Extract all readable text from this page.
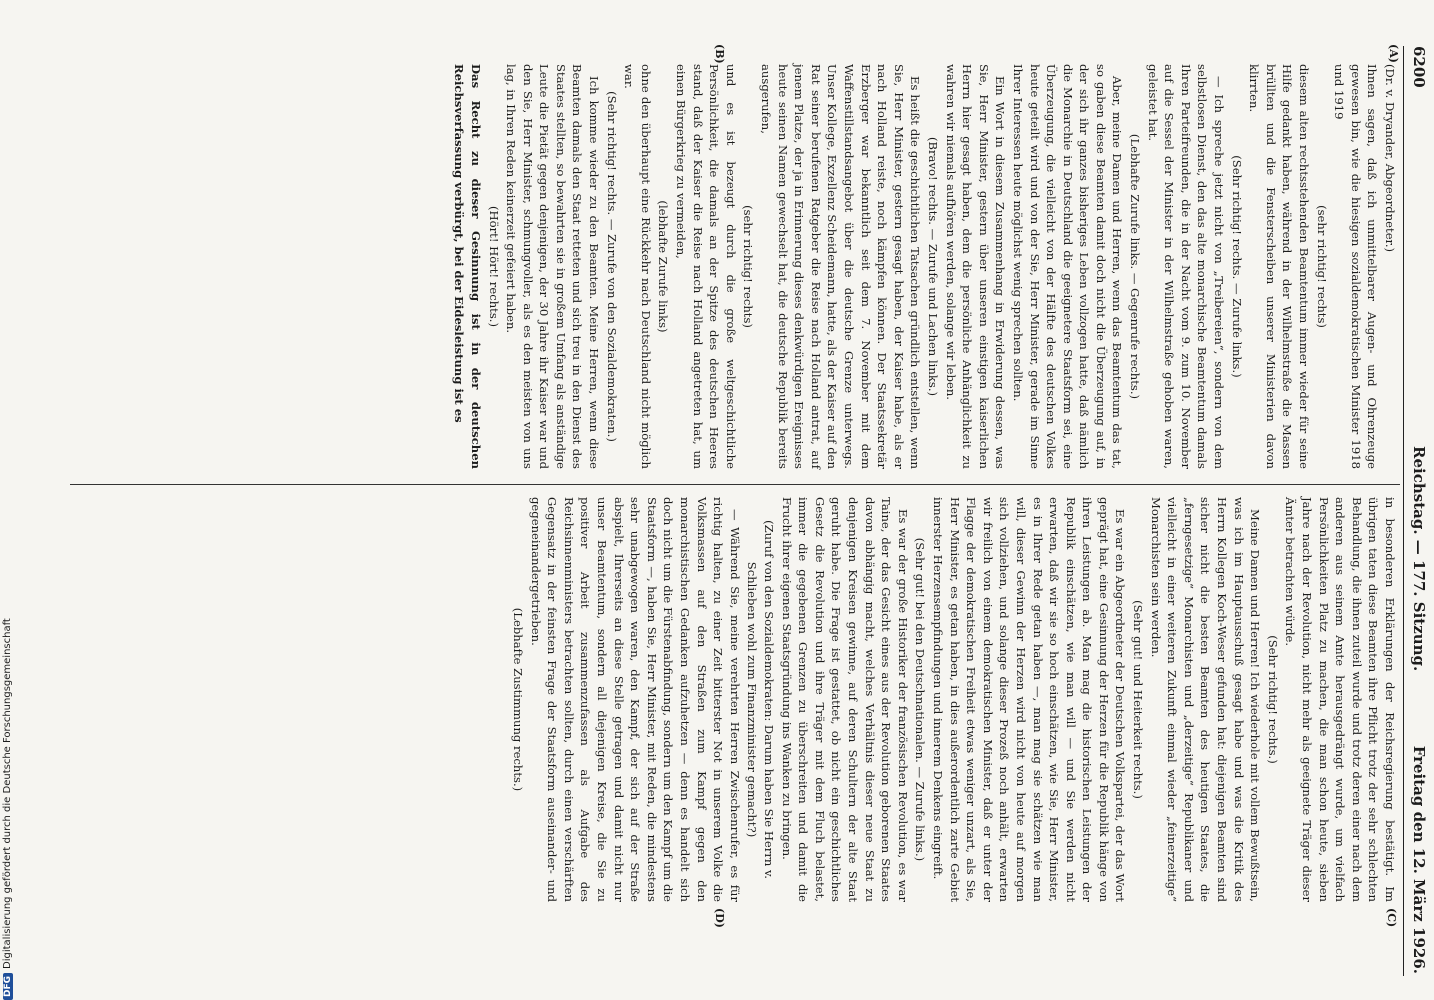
6200
Reichstag. — 177. Sitzung.
Freitag den 12. März 1926.
(A)
(B)
(C)
(D)

(Dr. v. Dryander, Abgeordneter.)

Ihnen sagen, daß ich unmittelbarer Augen- und Ohrenzeuge gewesen bin, wie die hiesigen sozialdemokratischen Minister 1918 und 1919

(sehr richtig! rechts)

diesem alten rechtsstehenden Beamtentum immer wieder für seine Hilfe gedankt haben, während in der Wilhelmstraße die Massen brüllten und die Fensterscheiben unserer Ministerien davon klirrten.

(Sehr richtig! rechts. — Zurufe links.)

— Ich spreche jetzt nicht von „Treibereien“, sondern von dem selbstlosen Dienst, den das alte monarchische Beamtentum damals Ihren Parteifreunden, die in der Nacht vom 9. zum 10. November auf die Sessel der Minister in der Wilhelmstraße gehoben waren, geleistet hat.

(Lebhafte Zurufe links. — Gegenrufe rechts.)

Aber, meine Damen und Herren, wenn das Beamtentum das tat, so gaben diese Beamten damit doch nicht die Überzeugung auf, in der sich ihr ganzes bisheriges Leben vollzogen hatte, daß nämlich die Monarchie in Deutschland die geeignetere Staatsform sei, eine Überzeugung, die vielleicht von der Hälfte des deutschen Volkes heute geteilt wird und von der Sie, Herr Minister, gerade im Sinne Ihrer Interessen heute möglichst wenig sprechen sollten.

Ein Wort in diesem Zusammenhang in Erwiderung dessen, was Sie, Herr Minister, gestern über unseren einstigen kaiserlichen Herrn hier gesagt haben, dem die persönliche Anhänglichkeit zu wahren wir niemals aufhören werden, solange wir leben.

(Bravo! rechts. — Zurufe und Lachen links.)

Es heißt die geschichtlichen Tatsachen gründlich entstellen, wenn Sie, Herr Minister, gestern gesagt haben, der Kaiser habe, als er nach Holland reiste, noch kämpfen können. Der Staatssekretär Erzberger war bekanntlich seit dem 7. November mit dem Waffenstillstandsangebot über die deutsche Grenze unterwegs. Unser Kollege, Exzellenz Scheidemann, hatte, als der Kaiser auf den Rat seiner berufenen Ratgeber die Reise nach Holland antrat, auf jenem Platze, der ja in Erinnerung dieses denkwürdigen Ereignisses heute seinen Namen gewechselt hat, die deutsche Republik bereits ausgerufen,

(sehr richtig! rechts)

und es ist bezeugt durch die große weltgeschichtliche Persönlichkeit, die damals an der Spitze des deutschen Heeres stand, daß der Kaiser die Reise nach Holland angetreten hat, um einen Bürgerkrieg zu vermeiden,

(lebhafte Zurufe links)

ohne den überhaupt eine Rückkehr nach Deutschland nicht möglich war.

(Sehr richtig! rechts. — Zurufe von den Sozialdemokraten.)

Ich komme wieder zu den Beamten. Meine Herren, wenn diese Beamten damals den Staat retteten und sich treu in den Dienst des Staates stellten, so bewahrten sie in großem Umfang als anständige Leute die Pietät gegen denjenigen, der 30 Jahre ihr Kaiser war und den Sie, Herr Minister, schmungvoller, als es den meisten von uns lag, in Ihren Reden keinerzeit gefeiert haben.

(Hört! Hört! rechts.)

Das Recht zu dieser Gesinnung ist in der deutschen Reichsverfassung verbürgt, bei der Eidesleistung ist es

in besonderen Erklärungen der Reichsregierung bestätigt. Im übrigen taten diese Beamten ihre Pflicht trotz der sehr schlechten Behandlung, die ihnen zuteil wurde und trotz deren einer nach dem anderen aus seinem Amte herausgedrängt wurde, um vielfach Persönlichkeiten Platz zu machen, die man schon heute, sieben Jahre nach der Revolution, nicht mehr als geeignete Träger dieser Ämter betrachten würde.

(Sehr richtig! rechts.)

Meine Damen und Herren! Ich wiederhole mit vollem Bewußtsein, was ich im Hauptausschuß gesagt habe und was die Kritik des Herrn Kollegen Koch-Weser gefunden hat: diejenigen Beamten sind sicher nicht die besten Beamten des heutigen Staates, die „ferngesetzige“ Monarchisten und „derzeitige“ Republikaner und vielleicht in einer weiteren Zukunft einmal wieder „feinerzeitige“ Monarchisten sein werden.

(Sehr gut! und Heiterkeit rechts.)

Es war ein Abgeordneter der Deutschen Volkspartei, der das Wort geprägt hat, eine Gesinnung der Herzen für die Republik hänge von ihren Leistungen ab. Man mag die historischen Leistungen der Republik einschätzen, wie man will — und Sie werden nicht erwarten, daß wir sie so hoch einschätzen, wie Sie, Herr Minister, es in Ihrer Rede getan haben —, man mag sie schätzen wie man will, dieser Gewinn der Herzen wird nicht von heute auf morgen sich vollziehen, und solange dieser Prozeß noch anhält, erwarten wir freilich von einem demokratischen Minister, daß er unter der Flagge der demokratischen Freiheit etwas weniger unzart, als Sie, Herr Minister, es getan haben, in dies außerordentlich zarte Gebiet innerster Herzensempfindungen und innerem Denkens eingreift.

(Sehr gut! bei den Deutschnationalen. — Zurufe links.)

Es war der große Historiker der französischen Revolution, es war Taine, der das Gesicht eines aus der Revolution geborenen Staates davon abhängig macht, welches Verhältnis dieser neue Staat zu denjenigen Kreisen gewinne, auf deren Schultern der alte Staat geruht habe. Die Frage ist gestattet, ob nicht ein geschichtliches Gesetz die Revolution und ihre Träger mit dem Fluch belastet, immer die gegebenen Grenzen zu überschreiten und damit die Frucht ihrer eigenen Staatsgründung ins Wanken zu bringen.

(Zuruf von den Sozialdemokraten: Darum haben Sie Herrn v. Schlieben wohl zum Finanzminister gemacht?)

— Während Sie, meine verehrten Herren Zwischenrufer, es für richtig halten, zu einer Zeit bitterster Not in unserem Volke die Volksmassen auf den Straßen zum Kampf gegen den monarchistischen Gedanken aufzuhetzen — denn es handelt sich doch nicht um die Fürstenabfindung, sondern um den Kampf um die Staatsform —, haben Sie, Herr Minister, mit Reden, die mindestens sehr unabgewogen waren, den Kampf, der sich auf der Straße abspielt, Ihrerseits an diese Stelle getragen und damit nicht nur unser Beamtentum, sondern all diejenigen Kreise, die Sie zu positiver Arbeit zusammenzufassen als Aufgabe des Reichsinnenministers betrachten sollten, durch einen verschärften Gegensatz in der feinsten Frage der Staatsform auseinander- und gegeneinandergetrieben.

(Lebhafte Zustimmung rechts.)

DFGDigitalisierung gefördert durch die Deutsche Forschungsgemeinschaft
